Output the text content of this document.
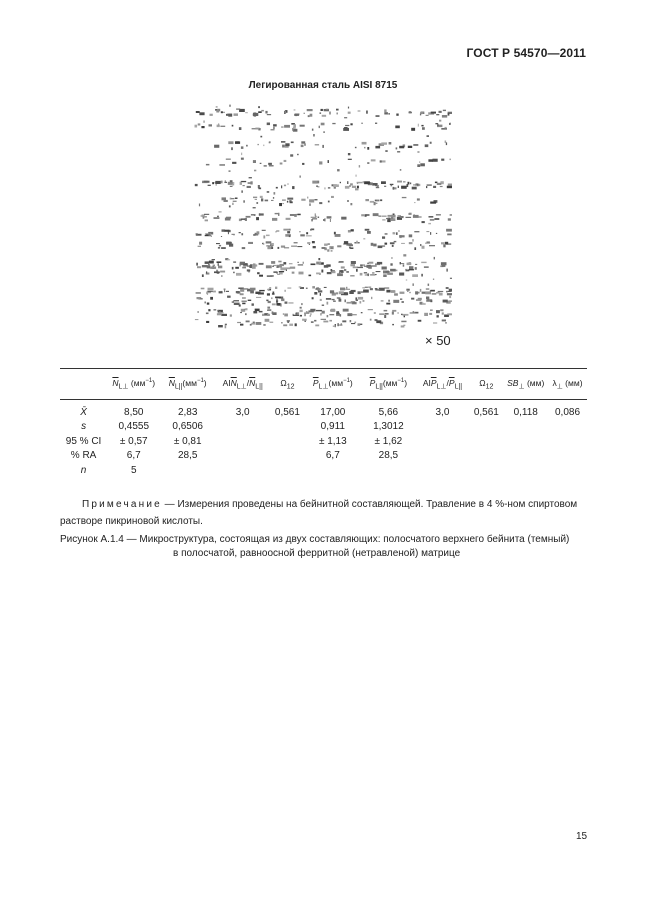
ГОСТ Р 54570—2011
Легированная сталь AISI 8715
× 50
	$\overline{N}_{L\perp}$ $(мм^{-1})$	$\overline{N}_{L||}(мм^{-1})$	$AI\overline{N}_{L\perp}/\overline{N}_{L||}$	$\Omega_{12}$	$\overline{P}_{L\perp}(мм^{-1})$	$\overline{P}_{L||}(мм^{-1})$	$AI\overline{P}_{L\perp}/\overline{P}_{L||}$	$\Omega_{12}$	$SB_\perp$ (мм)	$\lambda_\perp$ (мм)
X̄	8,50	2,83	3,0	0,561	17,00	5,66	3,0	0,561	0,118	0,086
s	0,4555	0,6506			0,911	1,3012				
95 % CI	± 0,57	± 0,81			± 1,13	± 1,62				
% RA	6,7	28,5			6,7	28,5				
n	5									
Примечание — Измерения проведены на бейнитной составляющей. Травление в 4 %-ном спиртовом растворе пикриновой кислоты.
Рисунок А.1.4 — Микроструктура, состоящая из двух составляющих: полосчатого верхнего бейнита (темный)
в полосчатой, равноосной ферритной (нетравленой) матрице
15
